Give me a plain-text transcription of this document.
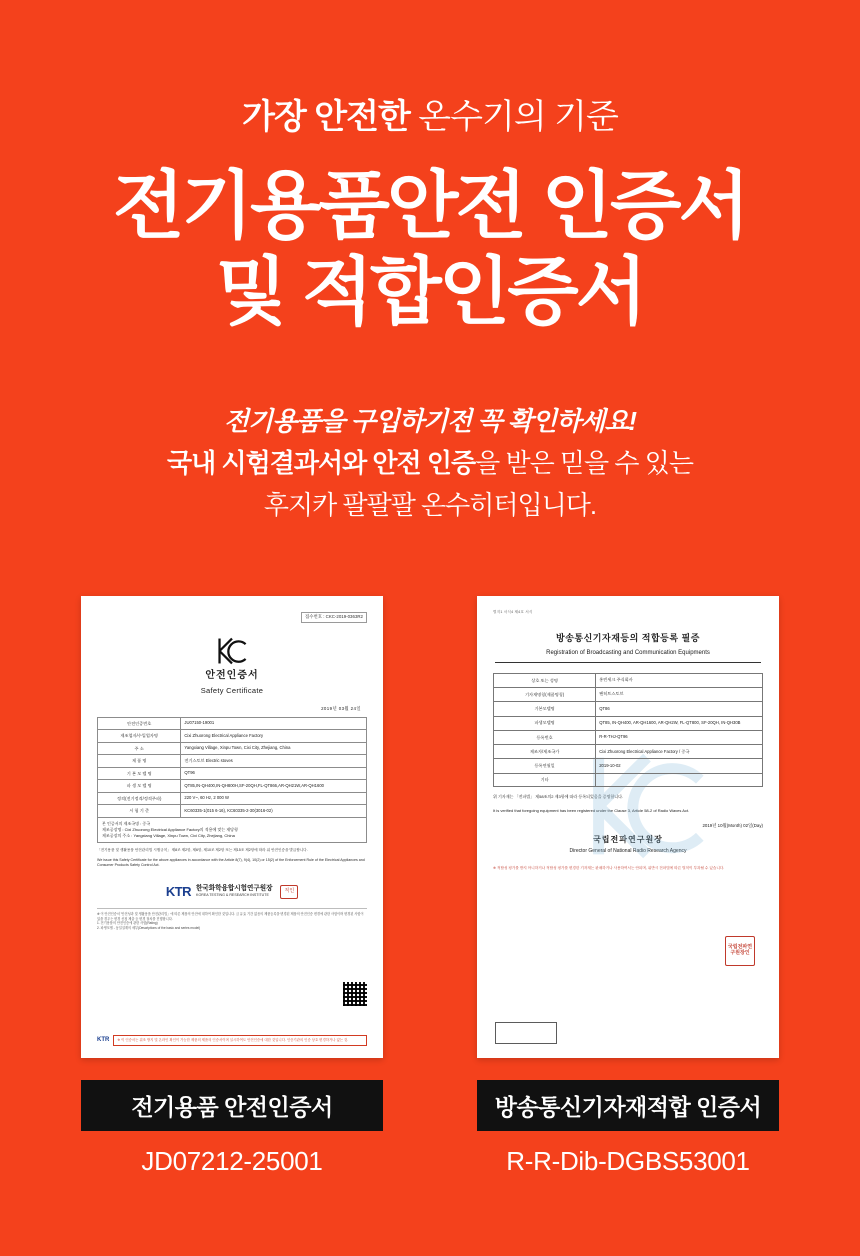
가장 안전한 온수기의 기준
전기용품안전 인증서
및 적합인증서
전기용품을 구입하기전 꼭 확인하세요!
국내 시험결과서와 안전 인증을 받은 믿을 수 있는
후지카 팔팔팔 온수히터입니다.
접수번호 : CKC-2019-0363R2
안전인증서
Safety Certificate
2019년 03월 24일
안전인증번호	JU07150-19001
제조업자/수입업자명	Cixi Zhuorong Electrical Appliance Factory
주 소	Yangxiang Village, Xinpu Town, Cixi City, Zhejiang, China
제 품 명	전기스토브 Electric stoves
기 본 모 델 명	QT96
파 생 모 델 명	QT85,IN-QH400,IN-QH800H,SF-20QH,FL-QT866,AR-QH21W,AR-QH1600
정격(전기정격/정격주파)	220 V~, 60 Hz, 2 000 W
시 험 기 준	KC60335-1(015 6-16), KC60335-2-30(3016-02)
본 인증서의 제조국명 : 중국
제조공장명 : Cixi Zhuorong Electrical Appliance Factory의 적용에 맞는 제당형
제조공장의 주소 : Yangxiang Village, Xinpu Town, Cixi City, Zhejiang, China
「전기용품 및 생활용품 안전관리법 시행규칙」 제8조 제2항, 제6항, 제10조 제2항 또는 제15조 제2항에 따라 위 안전인증을 발급합니다.
We issue this Safety Certificate for the above appliances in accordance with the Article 8(7), 9(4), 10(2) or 15(2) of the Enforcement Rule of the Electrical Appliances and Consumer Products Safety Control Act.
KTR 한국화학융합시험연구원장
KOREA TESTING & RESEARCH INSTITUTE
직인
※ 이 안전인증서 '안전성과 및 생활용품 안전관리법」에 따른 제품의 안전에 대하여 확인한 것입니다. 금 유효 기간 없음의 제품등록을 변경된 제품의 안전인증 변경에 관한 사항이며 변경된 사항이 있을 경우는 변경 신청 제출 등 변경 절차를 진행합니다.
1. 전기용품의 안전인증에 관한 사항(Rating)
2. 파생모델 - 동일설계의 세부(Descriptions of the basic and series model)
KTR	※ 이 인증서는 위조 방지 및 온라인 확인이 가능한 제품의 제품의 인증서이며 실시하여도 안전인증에 대한 것입니다. 인증기관의 인증 상호 변경하거나 없는 것.
전기용품 안전인증서
JD07212-25001
별지1 서식4 제4호 서식
방송통신기자재등의 적합등록 필증
Registration of Broadcasting and Communication Equipments
상호 또는 성명	홍빈세크 주식회사
기자재명칭(제품명칭)	팬히트스토브
기본모델명	QT86
파생모델명	QT85, IN-QH400, AR-QH1600, AR-QH2W, FL-QT800, SF-20QH, IN-QH30B
등록번호	R-R-THJ-QT96
제조자/제조국가	Cixi Zhuorong Electrical Appliance Factory / 중국
등록연월일	2019-10-02
기타	
위 기자재는 「전파법」 제58조의2 제3항에 따라 등록되었음을 증명합니다.
It is verified that foregoing equipment has been registered under the Clause 3, Article 58-2 of Radio Waves Act.
2019년 10월(Month) 02일(Day)
국립전파연구원장
Director General of National Radio Research Agency
국립전파연구원장인
※ 적합성 평가를 받지 아니하거나 적합성 평가를 변경한 기자재는 판매하거나 사용하여서는 안되며, 위반시 전파법에 따른 벌칙이 부과될 수 있습니다.
방송통신기자재적합 인증서
R-R-Dib-DGBS53001
